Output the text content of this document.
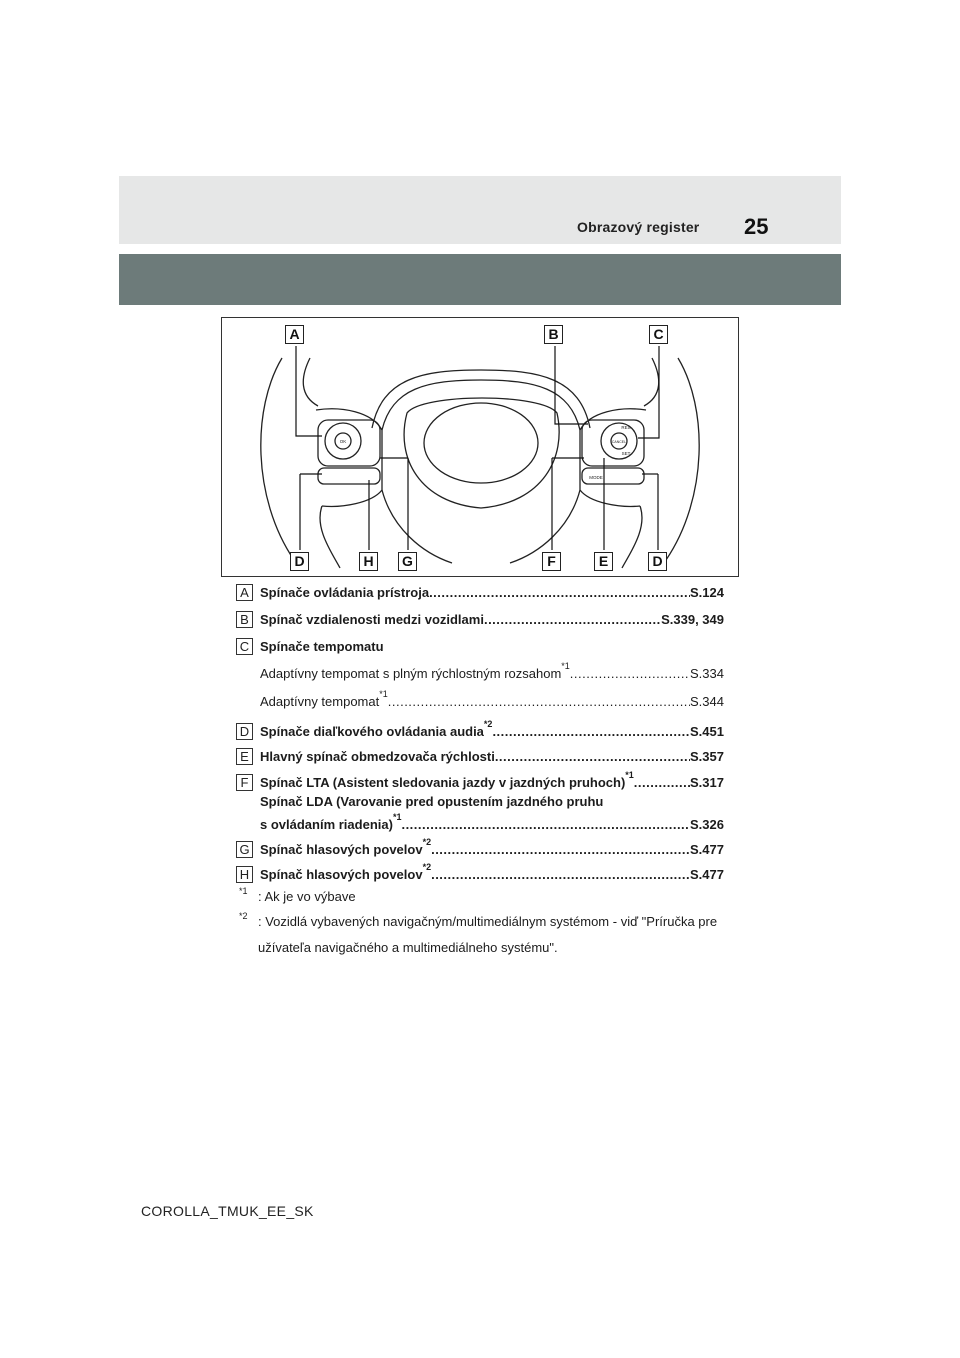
Obrazový register 25
OK
RES
SET
CANCEL
MODE
A	B	C
D	H	G	F	E	D
A Spínače ovládania prístroja .....	S.124
B Spínač vzdialenosti medzi vozidlami .....	S.339, 349
C Spínače tempomatu
Adaptívny tempomat s plným rýchlostným rozsahom *1 .....	S.334
Adaptívny tempomat *1 .....	S.344
D Spínače diaľkového ovládania audia *2 .....	S.451
E Hlavný spínač obmedzovača rýchlosti .....	S.357
F Spínač LTA (Asistent sledovania jazdy v jazdných pruhoch) *1 .....	S.317
Spínač LDA (Varovanie pred opustením jazdného pruhu
s ovládaním riadenia) *1 .....	S.326
G Spínač hlasových povelov *2 .....	S.477
H Spínač hlasových povelov *2 .....	S.477
*1 : Ak je vo výbave
*2 : Vozidlá vybavených navigačným/multimediálnym systémom - viď "Príručka pre
užívateľa navigačného a multimediálneho systému".
COROLLA_TMUK_EE_SK
